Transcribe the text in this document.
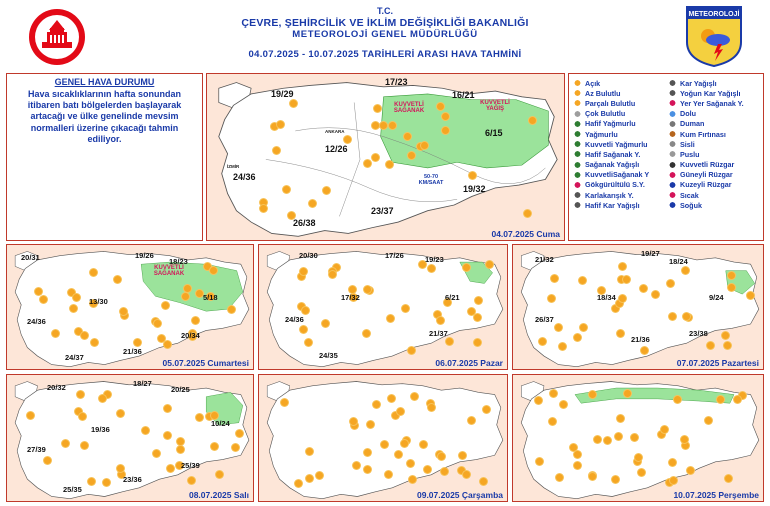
T.C.
ÇEVRE, ŞEHİRCİLİK VE İKLİM DEĞİŞİKLİĞİ BAKANLIĞI
METEOROLOJİ GENEL MÜDÜRLÜĞÜ
04.07.2025 - 10.07.2025 TARİHLERİ ARASI HAVA TAHMİNİ
METEOROLOJİ
GENEL HAVA DURUMU
Hava sıcaklıklarının hafta sonundan itibaren batı bölgelerden başlayarak artacağı ve ülke genelinde mevsim normalleri üzerine çıkacağı tahmin ediliyor.
Açık	Kar Yağışlı
Az Bulutlu	Yoğun Kar Yağışlı
Parçalı Bulutlu	Yer Yer Sağanak Y.
Çok Bulutlu	Dolu
Hafif Yağmurlu	Duman
Yağmurlu	Kum Fırtınası
Kuvvetli Yağmurlu	Sisli
Hafif Sağanak Y.	Puslu
Sağanak Yağışlı	Kuvvetli Rüzgar
KuvvetliSağanak Y	Güneyli Rüzgar
Gökgürültülü S.Y.	Kuzeyli Rüzgar
Karlakarışık Y.	Sıcak
Hafif Kar Yağışlı	Soğuk
KUVVETLİ SAĞANAK
KUVVETLİ YAĞIŞ
50-70 KM/SAAT
ANKARA
İZMİR
19/29
17/23
16/21
12/26
6/15
24/36
19/32
23/37
26/38
04.07.2025 Cuma
KUVVETLİ SAĞANAK
20/31	19/26
18/23
13/30	5/18
24/36
20/34
21/36
24/37
05.07.2025 Cumartesi
20/30	17/26	19/23
17/32	6/21
24/36
21/37
24/35
06.07.2025 Pazar
21/32
19/27
18/24
18/34	9/24
26/37
23/38
21/36
07.07.2025 Pazartesi
20/32	18/27
20/25
19/36
10/24
27/39
23/36
25/39
25/35
08.07.2025 Salı	09.07.2025 Çarşamba	10.07.2025 Perşembe
